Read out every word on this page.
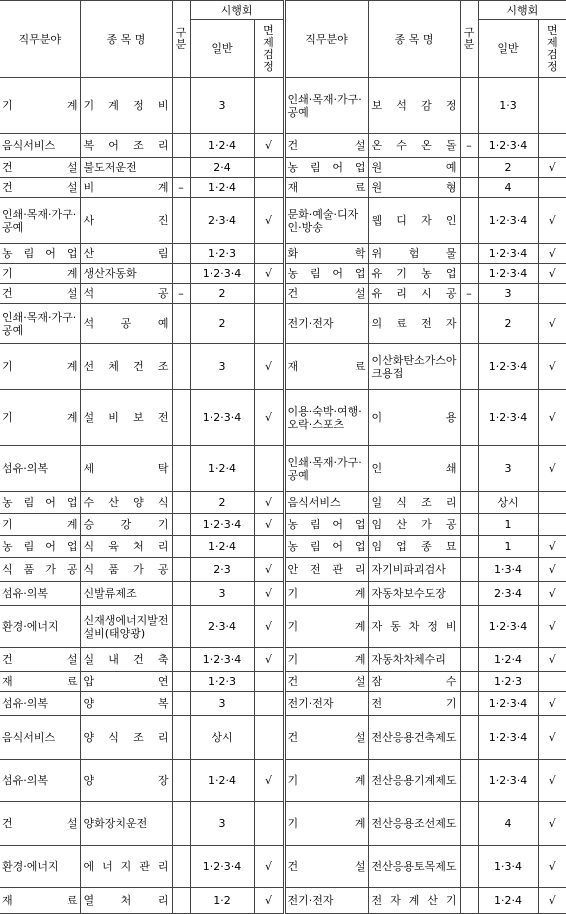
직무분야	종 목 명	구분	시행회		직무분야	종 목 명	구분	시행회	
			일반	면제검정				일반	면제검정
기 계	기 계 정 비		3		인쇄·목재·가구·공예	보 석 감 정		1·3	
음식서비스	복 어 조 리		1·2·4	√	건 설	온 수 온 돌	–	1·2·3·4	
건 설	불도저운전		2·4		농 림 어 업	원 예		2	√
건 설	비 계	–	1·2·4		재 료	원 형		4	
인쇄·목재·가구·공예	사 진		2·3·4	√	문화·예술·디자인·방송	웹 디 자 인		1·2·3·4	√
농 림 어 업	산 림		1·2·3		화 학	위 험 물		1·2·3·4	√
기 계	생산자동화		1·2·3·4	√	농 림 어 업	유 기 농 업		1·2·3·4	√
건 설	석 공	–	2		건 설	유 리 시 공	–	3	
인쇄·목재·가구·공예	석 공 예		2		전기·전자	의 료 전 자		2	√
기 계	선 체 건 조		3	√	재 료	이산화탄소가스아크용접		1·2·3·4	√
기 계	설 비 보 전		1·2·3·4	√	이용·숙박·여행·오락·스포츠	이 용		1·2·3·4	√
섬유·의복	세 탁		1·2·4		인쇄·목재·가구·공예	인 쇄		3	√
농 림 어 업	수 산 양 식		2	√	음식서비스	일 식 조 리		상시	
기 계	승 강 기		1·2·3·4	√	농 림 어 업	임 산 가 공		1	
농 림 어 업	식 육 처 리		1·2·4		농 림 어 업	임 업 종 묘		1	√
식 품 가 공	식 품 가 공		2·3	√	안 전 관 리	자기비파괴검사		1·3·4	√
섬유·의복	신발류제조		3	√	기 계	자동차보수도장		2·3·4	√
환경·에너지	신재생에너지발전설비(태양광)		2·3·4	√	기 계	자 동 차 정 비		1·2·3·4	√
건 설	실 내 건 축		1·2·3·4	√	기 계	자동차차체수리		1·2·4	√
재 료	압 연		1·2·3		건 설	잠 수		1·2·3	
섬유·의복	양 복		3		전기·전자	전 기		1·2·3·4	√
음식서비스	양 식 조 리		상시		건 설	전산응용건축제도		1·2·3·4	√
섬유·의복	양 장		1·2·4	√	기 계	전산응용기계제도		1·2·3·4	√
건 설	양화장치운전		3		기 계	전산응용조선제도		4	√
환경·에너지	에 너 지 관 리		1·2·3·4	√	건 설	전산응용토목제도		1·3·4	√
재 료	열 처 리		1·2	√	전기·전자	전 자 계 산 기		1·2·4	√
